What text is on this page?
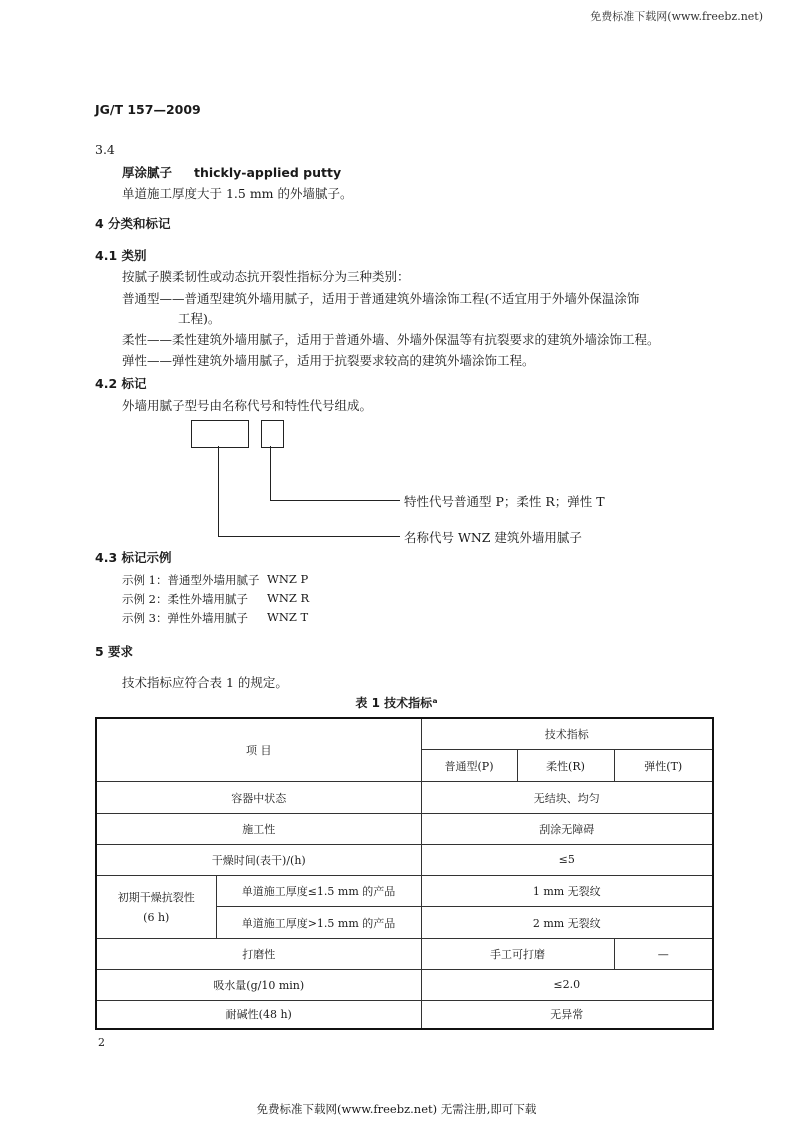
免费标准下载网(www.freebz.net)
JG/T 157—2009
3.4
厚涂腻子 thickly-applied putty
单道施工厚度大于 1.5 mm 的外墙腻子。
4 分类和标记
4.1 类别
按腻子膜柔韧性或动态抗开裂性指标分为三种类别：
普通型——普通型建筑外墙用腻子，适用于普通建筑外墙涂饰工程(不适宜用于外墙外保温涂饰
工程)。
柔性——柔性建筑外墙用腻子，适用于普通外墙、外墙外保温等有抗裂要求的建筑外墙涂饰工程。
弹性——弹性建筑外墙用腻子，适用于抗裂要求较高的建筑外墙涂饰工程。
4.2 标记
外墙用腻子型号由名称代号和特性代号组成。
特性代号普通型 P；柔性 R；弹性 T
名称代号 WNZ 建筑外墙用腻子
4.3 标记示例
示例 1：普通型外墙用腻子 WNZ P
示例 2：柔性外墙用腻子 WNZ R
示例 3：弹性外墙用腻子 WNZ T
5 要求
技术指标应符合表 1 的规定。
表 1 技术指标ᵃ
项 目		技术指标		
		普通型(P)	柔性(R)	弹性(T)
容器中状态		无结块、均匀		
施工性		刮涂无障碍		
干燥时间(表干)/(h)		≤5		

初期干燥抗裂性
(6 h)	单道施工厚度≤1.5 mm 的产品	1 mm 无裂纹		
	单道施工厚度>1.5 mm 的产品	2 mm 无裂纹		
打磨性		手工可打磨		—
吸水量(g/10 min)		≤2.0		
耐碱性(48 h)		无异常		
2
免费标准下载网(www.freebz.net) 无需注册,即可下载
